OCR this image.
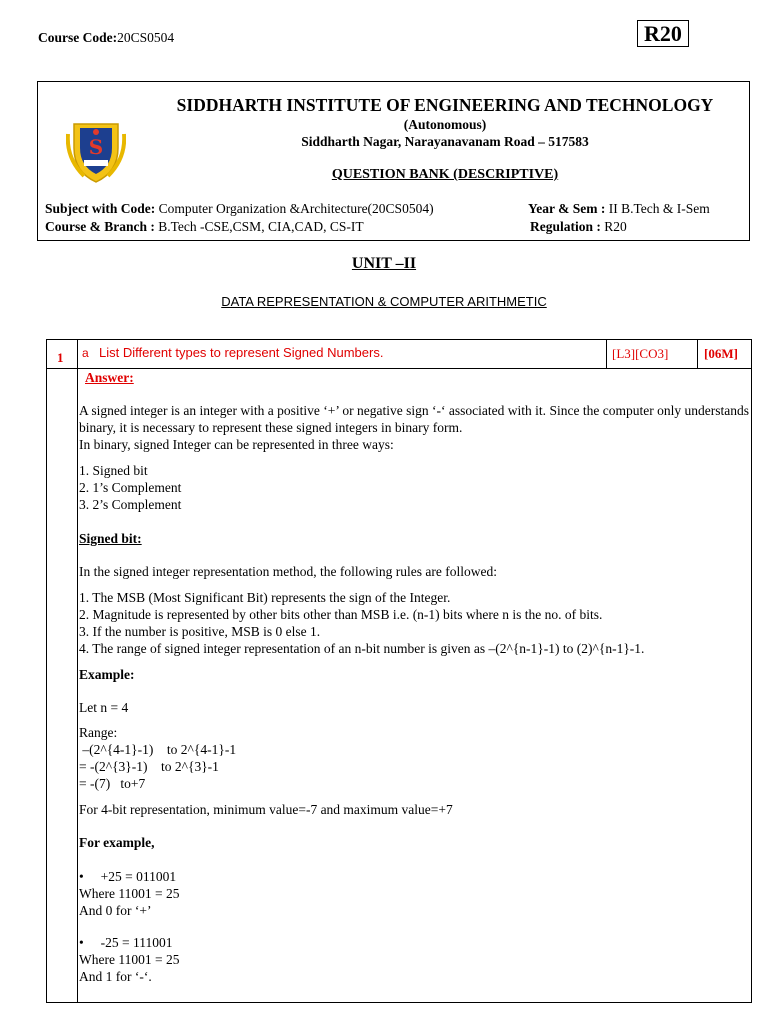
Course Code:20CS0504	R20
S
SIDDHARTH INSTITUTE OF ENGINEERING AND TECHNOLOGY
(Autonomous)
Siddharth Nagar, Narayanavanam Road – 517583
QUESTION BANK (DESCRIPTIVE)
Subject with Code: Computer Organization &Architecture(20CS0504)	Year & Sem : II B.Tech & I-Sem
Course & Branch : B.Tech -CSE,CSM, CIA,CAD, CS-IT	Regulation : R20
UNIT –II
DATA REPRESENTATION & COMPUTER ARITHMETIC
1 a List Different types to represent Signed Numbers.	[L3][CO3]	[06M]
Answer:
A signed integer is an integer with a positive ‘+’ or negative sign ‘-‘ associated with it. Since the computer only understands binary, it is necessary to represent these signed integers in binary form.
In binary, signed Integer can be represented in three ways:
1. Signed bit
2. 1’s Complement
3. 2’s Complement
Signed bit:
In the signed integer representation method, the following rules are followed:
1. The MSB (Most Significant Bit) represents the sign of the Integer.
2. Magnitude is represented by other bits other than MSB i.e. (n-1) bits where n is the no. of bits.
3. If the number is positive, MSB is 0 else 1.
4. The range of signed integer representation of an n-bit number is given as –(2^{n-1}-1) to (2)^{n-1}-1.
Example:
Let n = 4
Range:
–(2^{4-1}-1)    to 2^{4-1}-1
= -(2^{3}-1)    to 2^{3}-1
= -(7)   to+7
For 4-bit representation, minimum value=-7 and maximum value=+7
For example,
•     +25 = 011001
Where 11001 = 25
And 0 for ‘+’
•     -25 = 111001
Where 11001 = 25
And 1 for ‘-‘.
